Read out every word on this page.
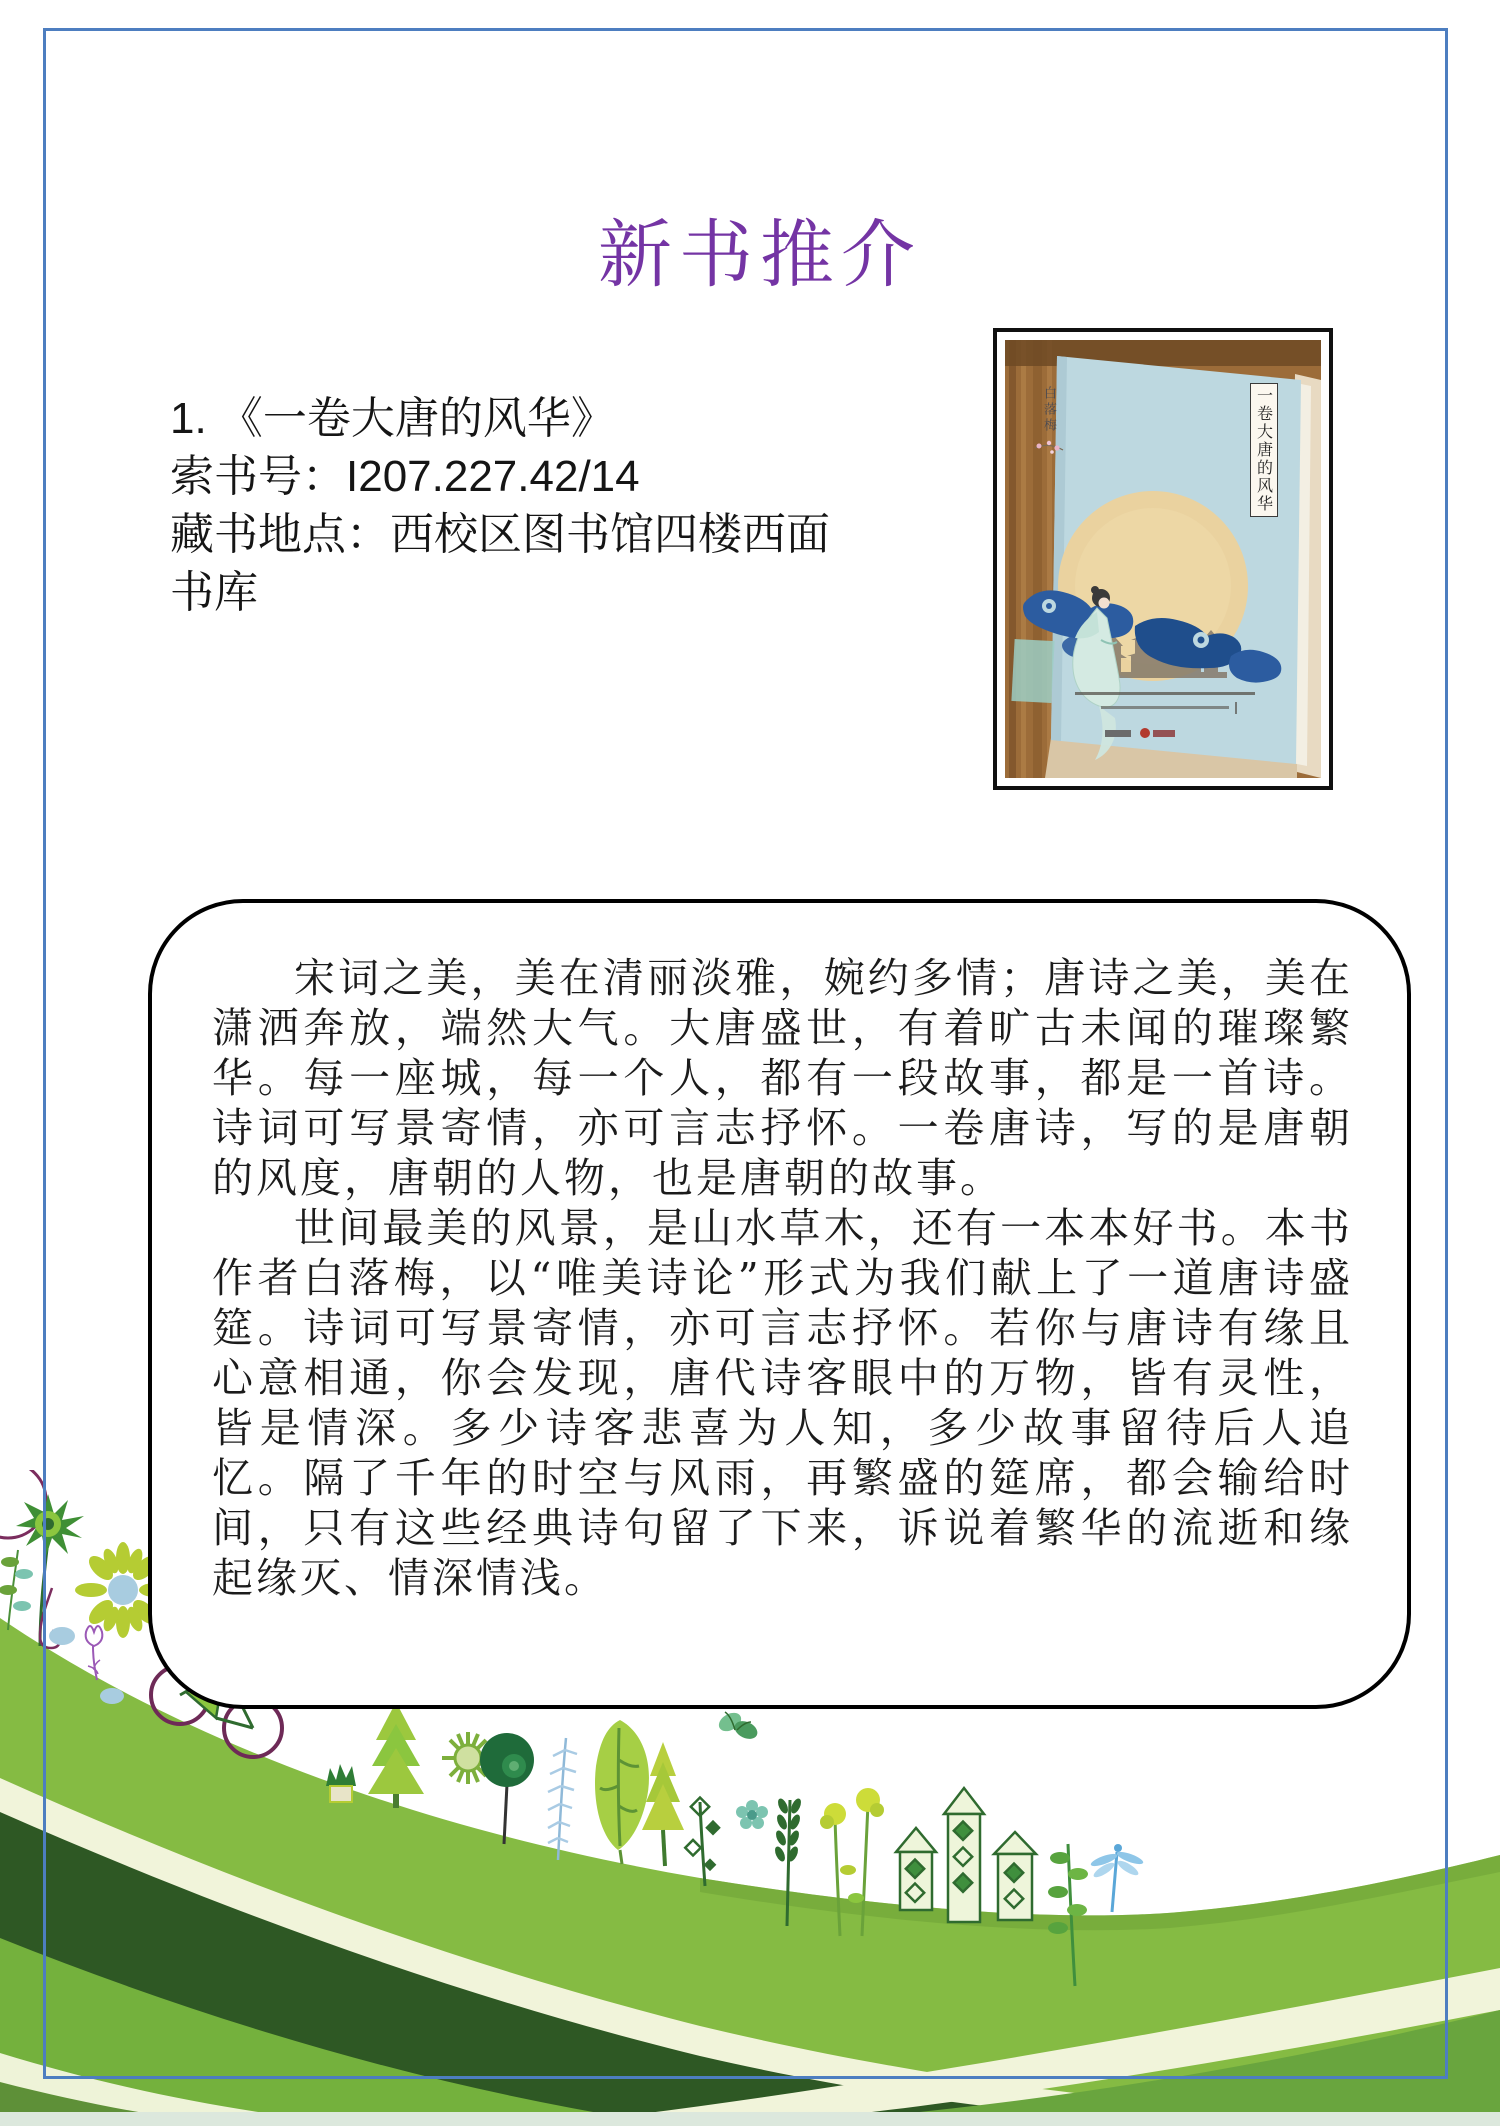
新书推介
1. 《一卷大唐的风华》
索书号：I207.227.42/14
藏书地点：西校区图书馆四楼西面书库
一卷大唐的风华
白落梅

宋词之美，美在清丽淡雅，婉约多情；唐诗之美，美在潇洒奔放，端然大气。大唐盛世，有着旷古未闻的璀璨繁华。每一座城，每一个人，都有一段故事，都是一首诗。诗词可写景寄情，亦可言志抒怀。一卷唐诗，写的是唐朝的风度，唐朝的人物，也是唐朝的故事。

世间最美的风景，是山水草木，还有一本本好书。本书作者白落梅，以“唯美诗论”形式为我们献上了一道唐诗盛筵。诗词可写景寄情，亦可言志抒怀。若你与唐诗有缘且心意相通，你会发现，唐代诗客眼中的万物，皆有灵性，皆是情深。多少诗客悲喜为人知，多少故事留待后人追忆。隔了千年的时空与风雨，再繁盛的筵席，都会输给时间，只有这些经典诗句留了下来，诉说着繁华的流逝和缘起缘灭、情深情浅。
